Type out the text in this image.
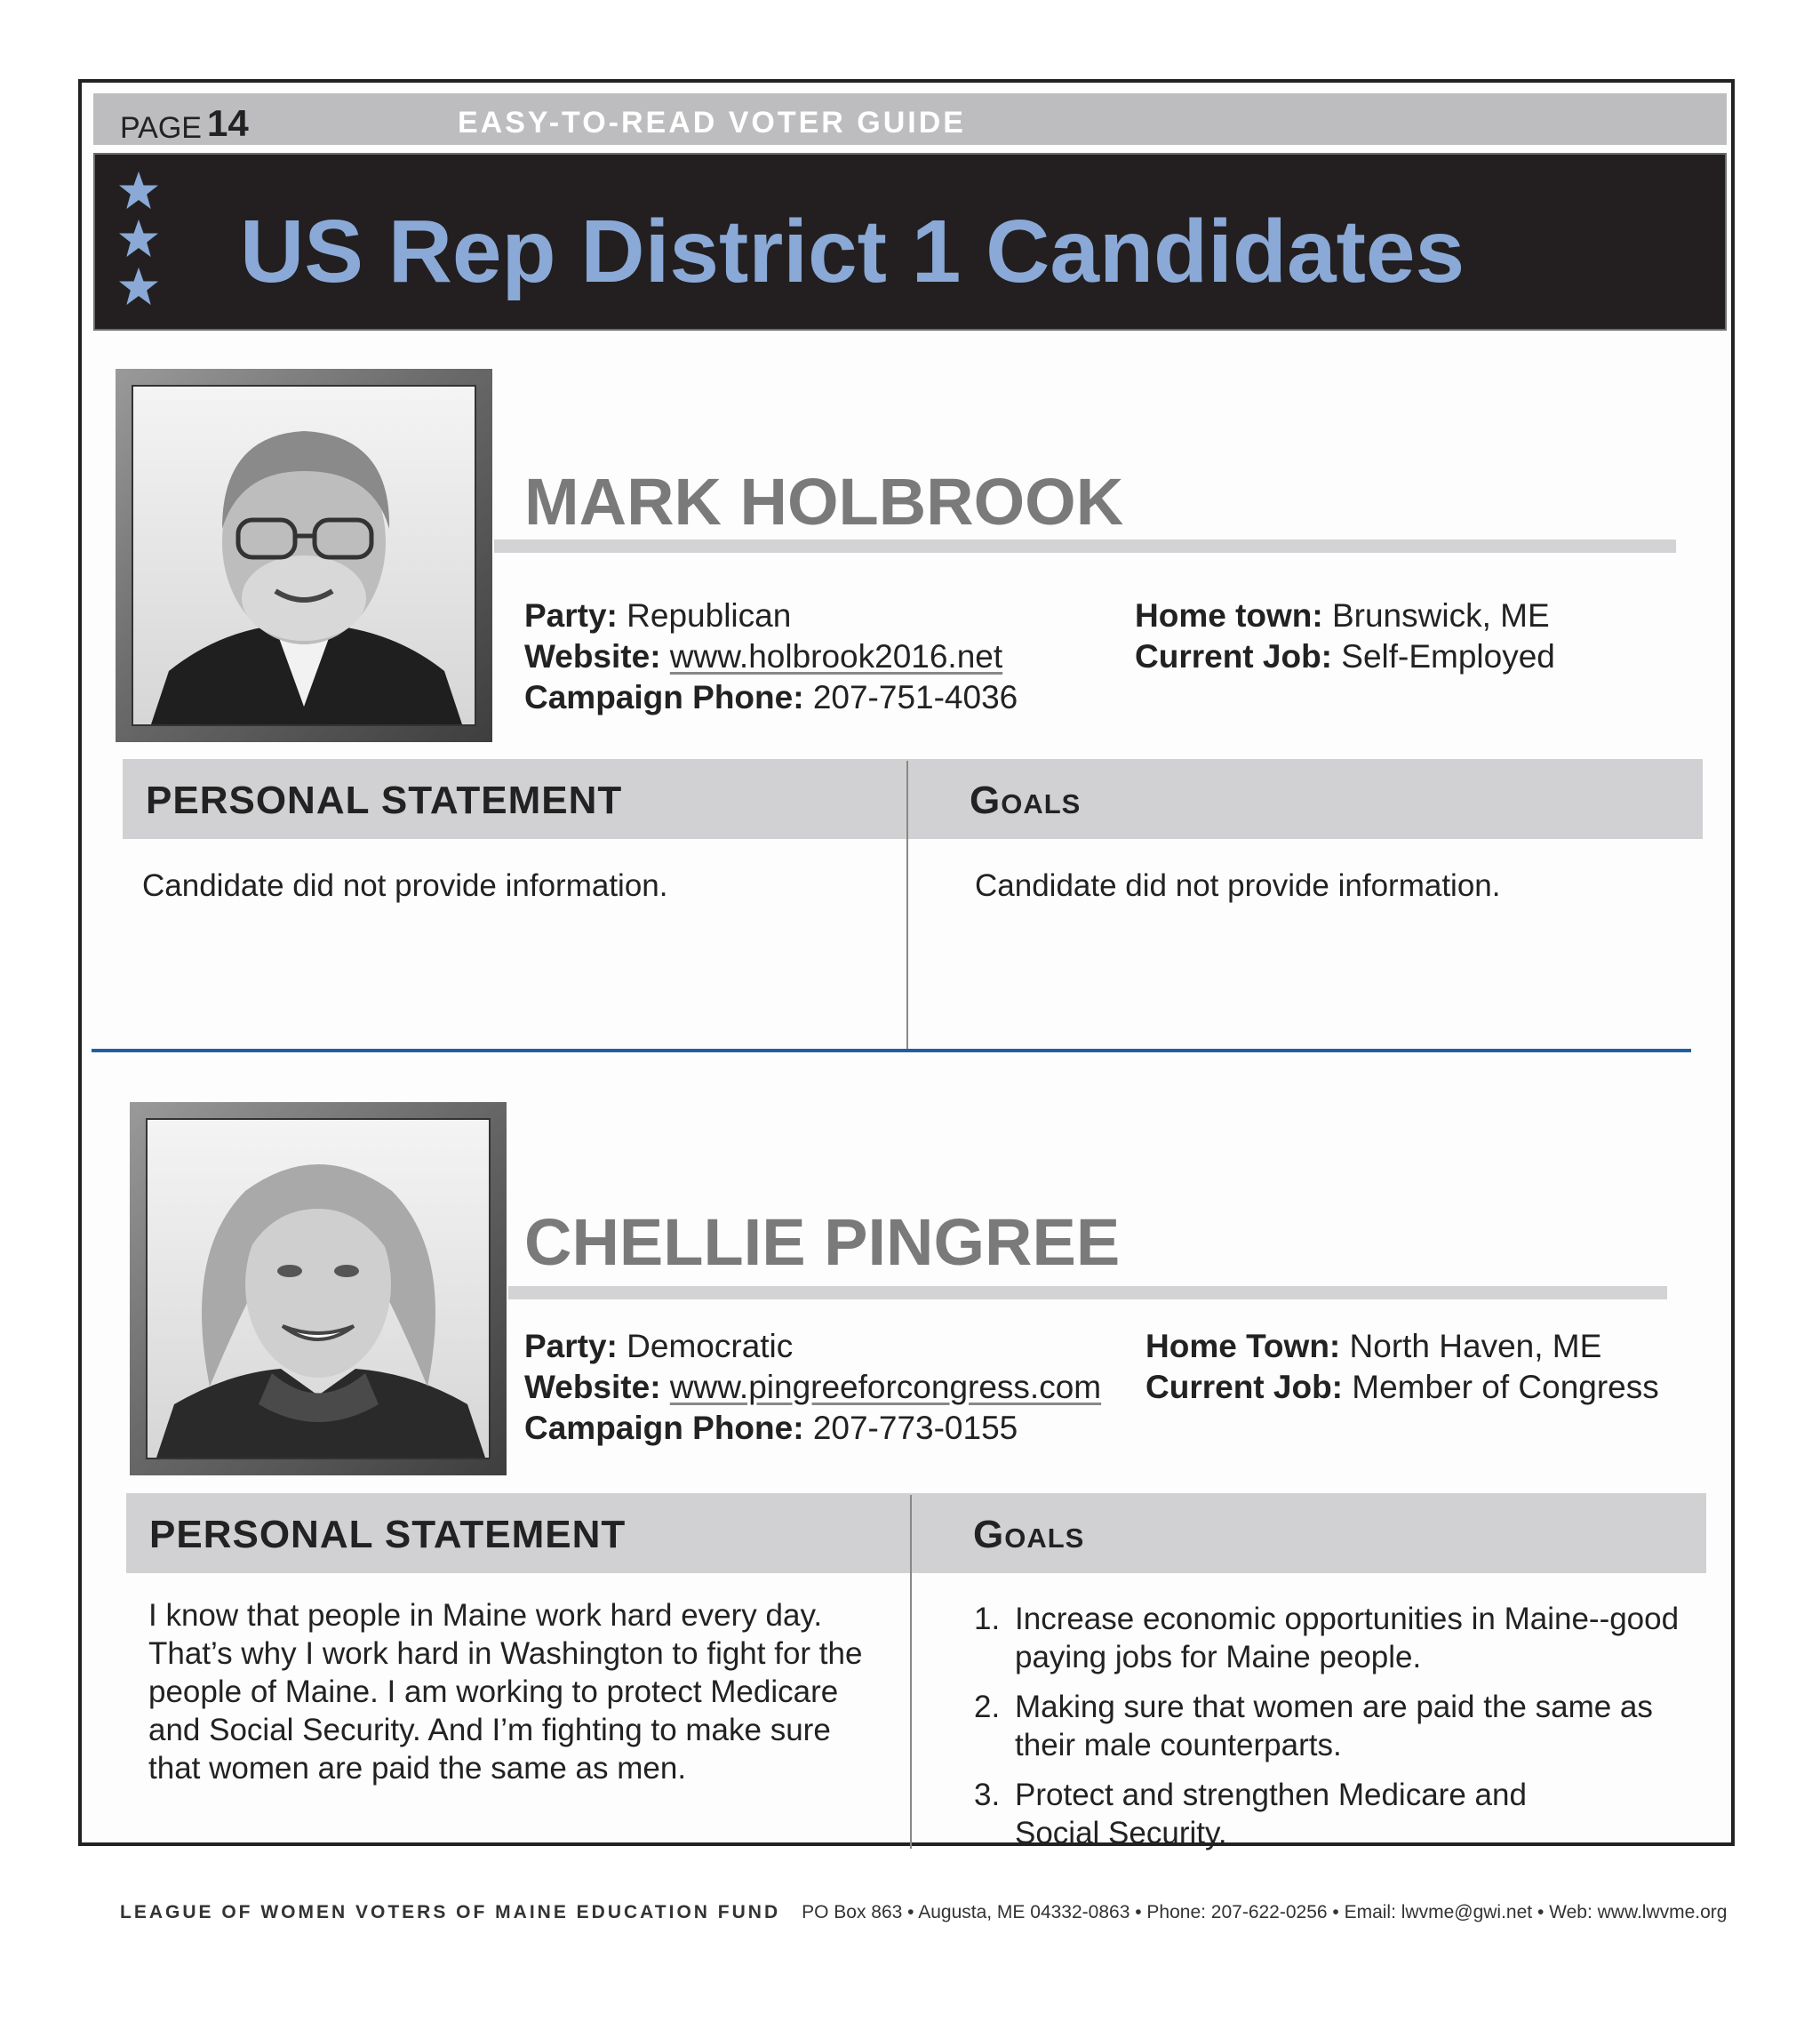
PAGE 14	EASY-TO-READ VOTER GUIDE
US Rep District 1 Candidates
MARK HOLBROOK
Party: Republican
Website: www.holbrook2016.net
Campaign Phone: 207-751-4036
Home town: Brunswick, ME
Current Job: Self-Employed
PERSONAL STATEMENT	Goals
Candidate did not provide information.	Candidate did not provide information.
CHELLIE PINGREE
Party: Democratic
Website: www.pingreeforcongress.com
Campaign Phone: 207-773-0155
Home Town: North Haven, ME
Current Job: Member of Congress
PERSONAL STATEMENT	Goals
I know that people in Maine work hard every day.
That’s why I work hard in Washington to fight for the
people of Maine. I am working to protect Medicare
and Social Security. And I’m fighting to make sure
that women are paid the same as men.
1. Increase economic opportunities in Maine--good
paying jobs for Maine people.
2. Making sure that women are paid the same as
their male counterparts.
3. Protect and strengthen Medicare and
Social Security.
LEAGUE OF WOMEN VOTERS OF MAINE EDUCATION FUND PO Box 863 • Augusta, ME 04332-0863 • Phone: 207-622-0256 • Email: lwvme@gwi.net • Web: www.lwvme.org
